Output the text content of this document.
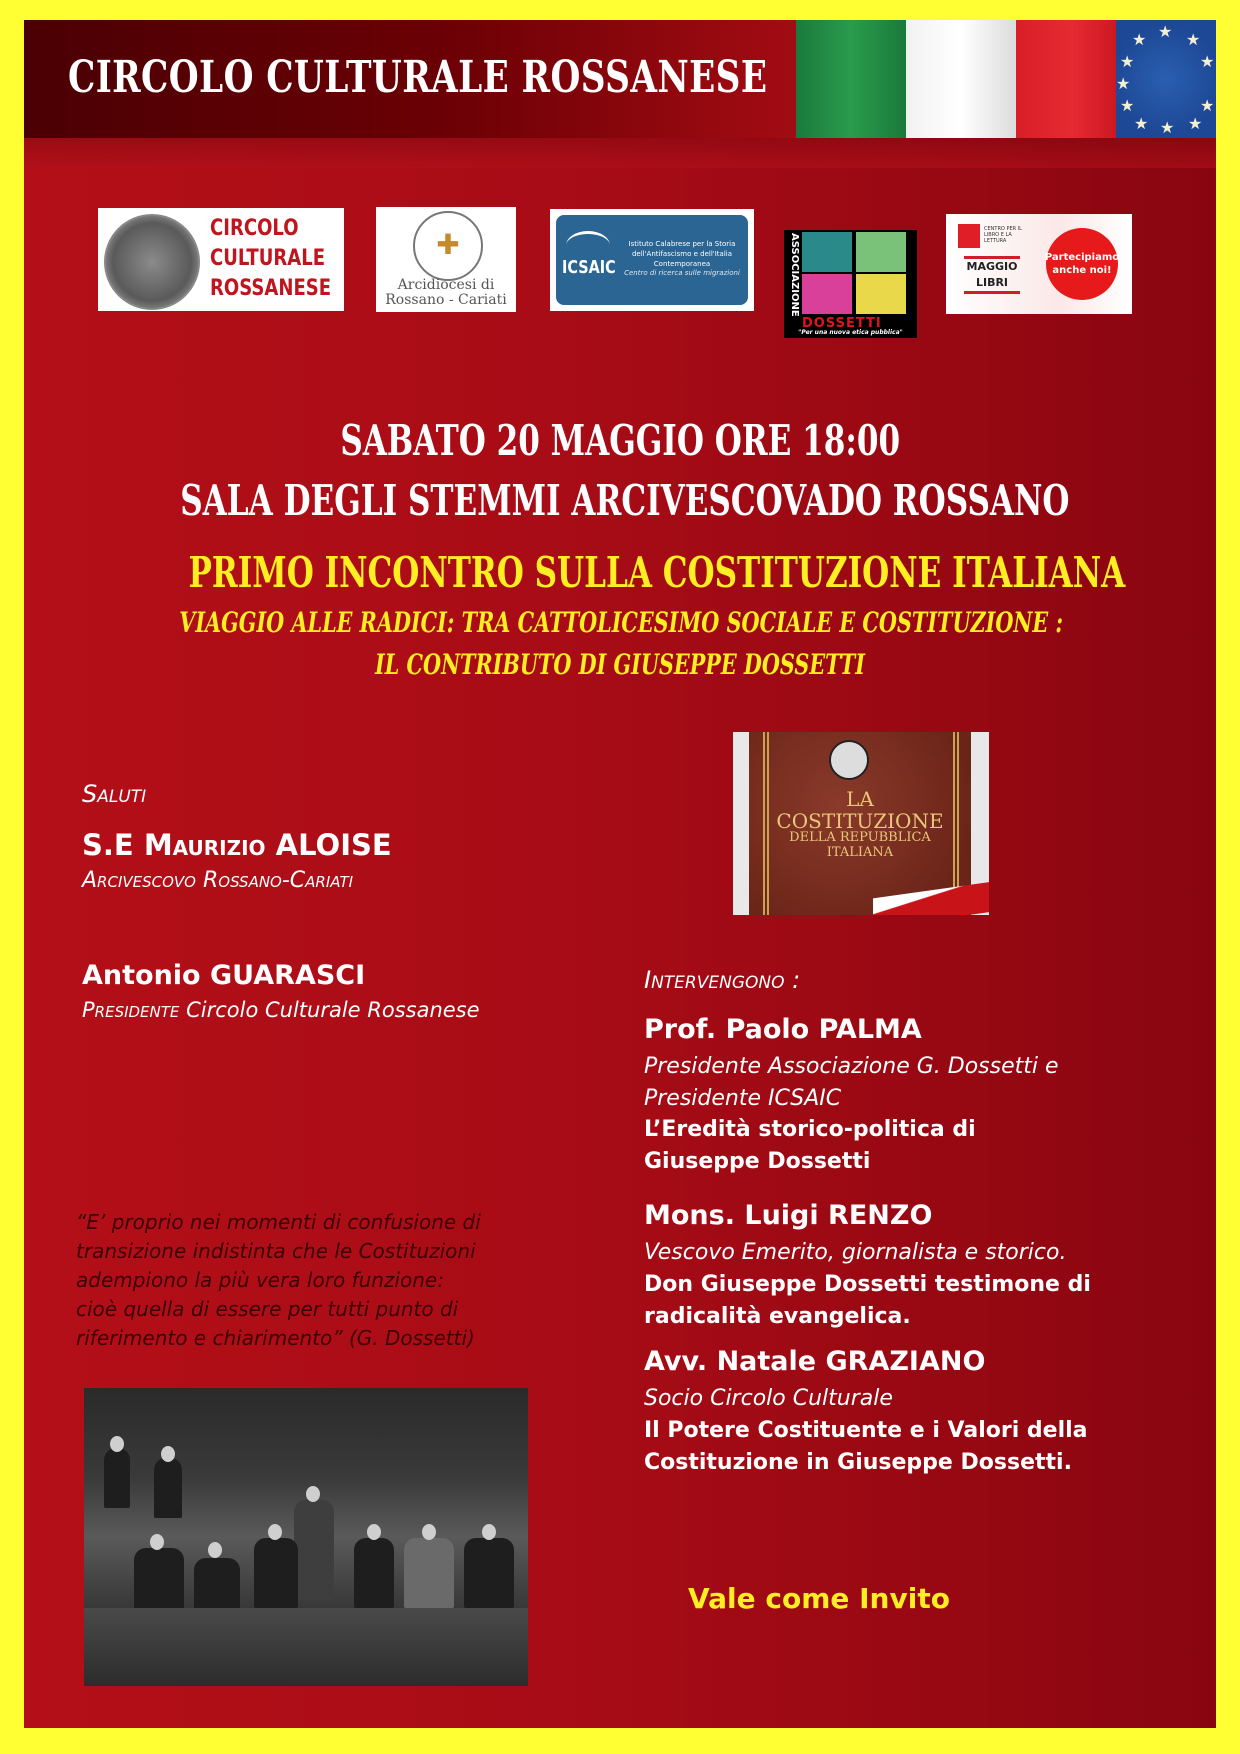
CIRCOLO CULTURALE ROSSANESE
★
★ ★
★	★
★
★	★
★ ★ ★
CIRCOLO
CULTURALE
ROSSANESE
✚
Arcidiocesi di
Rossano - Cariati
ICSAIC
Istituto Calabrese per la Storia dell'Antifascismo e dell'Italia Contemporanea
Centro di ricerca sulle migrazioni	ASSOCIAZIONE
DOSSETTI
"Per una nuova etica pubblica"
CENTRO PER IL LIBRO E LA LETTURA
MAGGIO
LIBRI
Partecipiamo anche noi!
SABATO 20 MAGGIO ORE 18:00
SALA DEGLI STEMMI ARCIVESCOVADO ROSSANO
PRIMO INCONTRO SULLA COSTITUZIONE ITALIANA
VIAGGIO ALLE RADICI: TRA CATTOLICESIMO SOCIALE E COSTITUZIONE :
IL CONTRIBUTO DI GIUSEPPE DOSSETTI
Saluti
S.E Maurizio ALOISE
Arcivescovo Rossano-Cariati
Antonio GUARASCI
Presidente Circolo Culturale Rossanese
LA
COSTITUZIONE
DELLA REPUBBLICA
ITALIANA
Intervengono :
Prof. Paolo PALMA
Presidente Associazione G. Dossetti e
Presidente ICSAIC
L’Eredità storico-politica di
Giuseppe Dossetti
Mons. Luigi RENZO
Vescovo Emerito, giornalista e storico.
Don Giuseppe Dossetti testimone di
radicalità evangelica.
Avv. Natale GRAZIANO
Socio Circolo Culturale
Il Potere Costituente e i Valori della
Costituzione in Giuseppe Dossetti.
“E’ proprio nei momenti di confusione di
transizione indistinta che le Costituzioni
adempiono la più vera loro funzione:
cioè quella di essere per tutti punto di
riferimento e chiarimento” (G. Dossetti)
Vale come Invito
